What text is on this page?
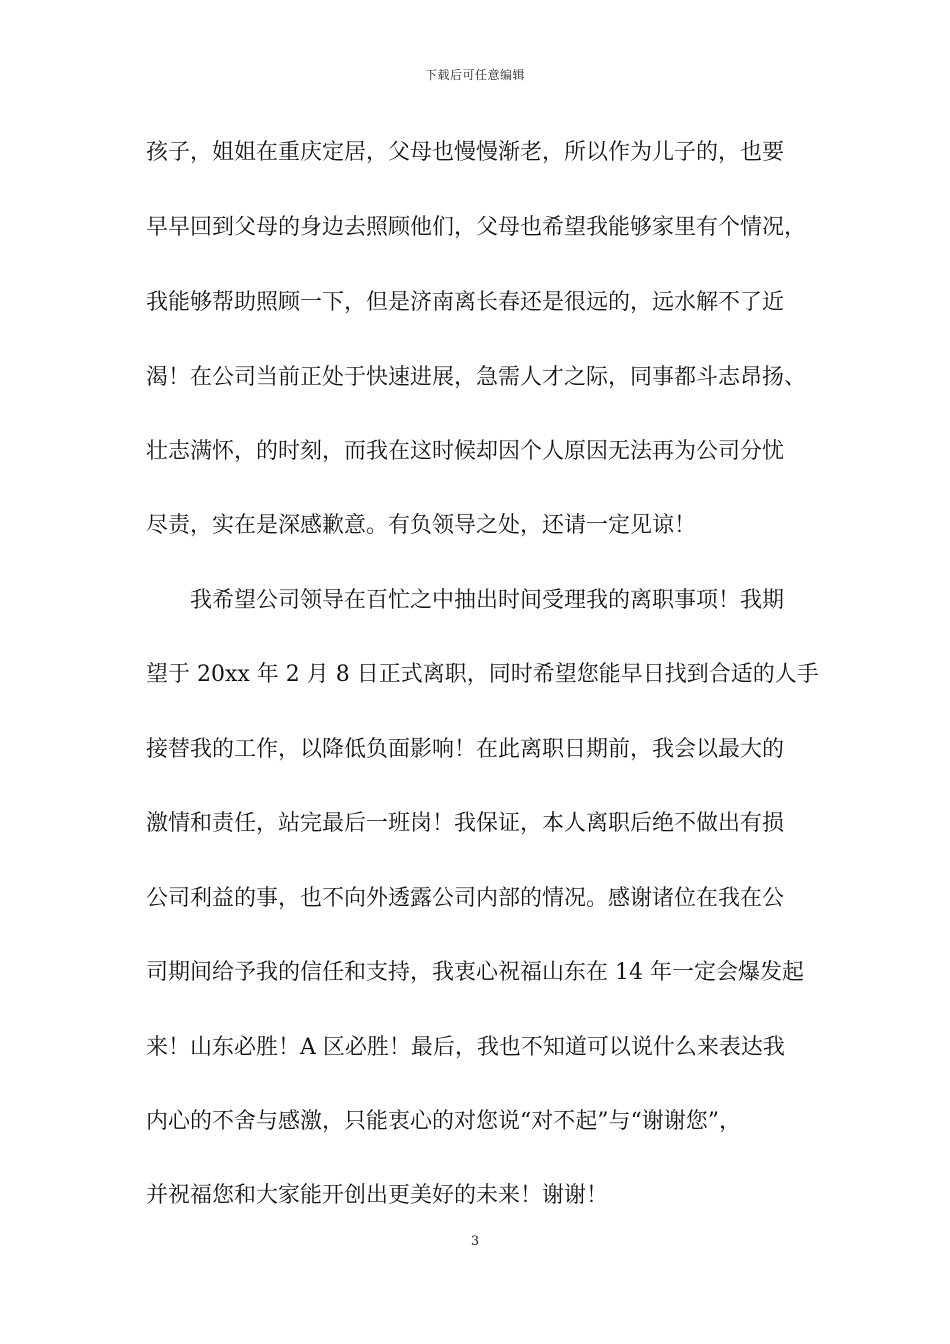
下载后可任意编辑
孩子，姐姐在重庆定居，父母也慢慢渐老，所以作为儿子的，也要
早早回到父母的身边去照顾他们，父母也希望我能够家里有个情况，
我能够帮助照顾一下，但是济南离长春还是很远的，远水解不了近
渴！在公司当前正处于快速进展，急需人才之际，同事都斗志昂扬、
壮志满怀，的时刻，而我在这时候却因个人原因无法再为公司分忧
尽责，实在是深感歉意。有负领导之处，还请一定见谅！
我希望公司领导在百忙之中抽出时间受理我的离职事项！我期
望于 20xx 年 2 月 8 日正式离职，同时希望您能早日找到合适的人手
接替我的工作，以降低负面影响！在此离职日期前，我会以最大的
激情和责任，站完最后一班岗！我保证，本人离职后绝不做出有损
公司利益的事，也不向外透露公司内部的情况。感谢诸位在我在公
司期间给予我的信任和支持，我衷心祝福山东在 14 年一定会爆发起
来！山东必胜！A 区必胜！最后，我也不知道可以说什么来表达我
内心的不舍与感激，只能衷心的对您说“对不起”与“谢谢您”，
并祝福您和大家能开创出更美好的未来！谢谢！
3
